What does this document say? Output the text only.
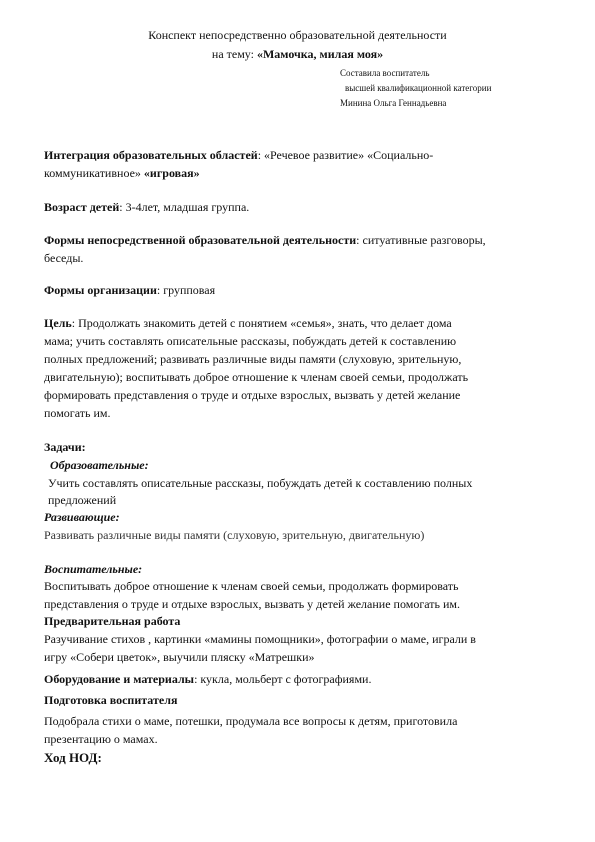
Конспект непосредственно образовательной деятельности
на тему: «Мамочка, милая моя»
Составила воспитатель
высшей квалификационной категории
Минина Ольга Геннадьевна
Интеграция образовательных областей: «Речевое развитие» «Социально-
коммуникативное» «игровая»
Возраст детей: 3-4лет, младшая группа.
Формы непосредственной образовательной деятельности: ситуативные разговоры,
беседы.
Формы организации: групповая
Цель: Продолжать знакомить детей с понятием «семья», знать, что делает дома
мама; учить составлять описательные рассказы, побуждать детей к составлению
полных предложений; развивать различные виды памяти (слуховую, зрительную,
двигательную); воспитывать доброе отношение к членам своей семьи, продолжать
формировать представления о труде и отдыхе взрослых, вызвать у детей желание
помогать им.
Задачи:
Образовательные:
Учить составлять описательные рассказы, побуждать детей к составлению полных
предложений
Развивающие:
Развивать различные виды памяти (слуховую, зрительную, двигательную)
Воспитательные:
Воспитывать доброе отношение к членам своей семьи, продолжать формировать
представления о труде и отдыхе взрослых, вызвать у детей желание помогать им.
Предварительная работа
Разучивание стихов , картинки «мамины помощники», фотографии о маме, играли в
игру «Собери цветок», выучили пляску «Матрешки»
Оборудование и материалы: кукла, мольберт с фотографиями.
Подготовка воспитателя
Подобрала стихи о маме, потешки, продумала все вопросы к детям, приготовила
презентацию о мамах.
Ход НОД:
